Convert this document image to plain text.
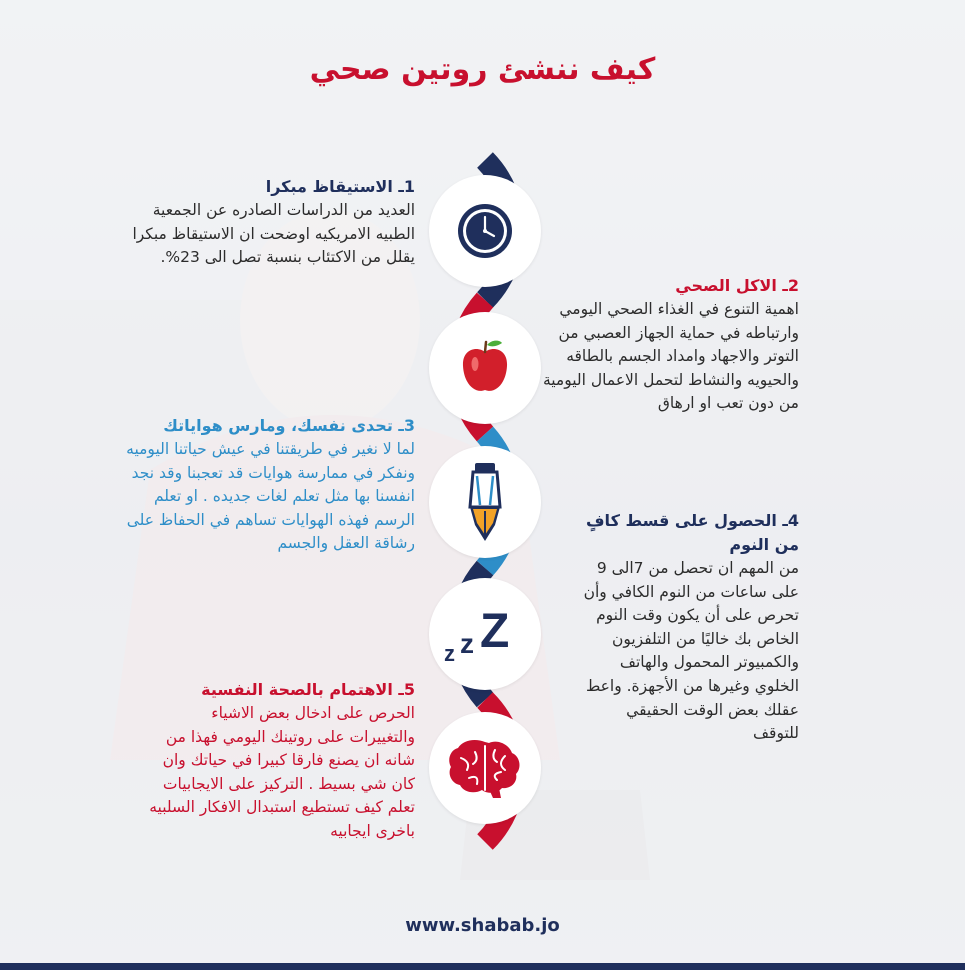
كيف ننشئ روتين صحي
z z Z
1ـ الاستيقاظ مبكرا

العديد من الدراسات الصادره عن الجمعية الطبيه الامريكيه اوضحت ان الاستيقاظ مبكرا يقلل من الاكتئاب بنسبة تصل الى 23%.

2ـ الاكل الصحي

اهمية التنوع في الغذاء الصحي اليومي وارتباطه في حماية الجهاز العصبي من التوتر والاجهاد وامداد الجسم بالطاقه والحيويه والنشاط لتحمل الاعمال اليومية من دون تعب او ارهاق

3ـ تحدى نفسك، ومارس هواياتك

لما لا نغير في طريقتنا في عيش حياتنا اليوميه ونفكر في ممارسة هوايات قد تعجبنا وقد نجد انفسنا بها مثل تعلم لغات جديده . او تعلم الرسم فهذه الهوايات تساهم في الحفاظ على رشاقة العقل والجسم

4ـ الحصول على قسط كافٍ من النوم

من المهم ان تحصل من 7الى 9 على ساعات من النوم الكافي وأن تحرص على أن يكون وقت النوم الخاص بك خاليًا من التلفزيون والكمبيوتر المحمول والهاتف الخلوي وغيرها من الأجهزة. واعط عقلك بعض الوقت الحقيقي للتوقف

5ـ الاهتمام بالصحة النفسية

الحرص على ادخال بعض الاشياء والتغييرات على روتينك اليومي فهذا من شانه ان يصنع فارقا كبيرا في حياتك وان كان شي بسيط . التركيز على الايجابيات تعلم كيف تستطيع استبدال الافكار السلبيه باخرى ايجابيه

www.shabab.jo
